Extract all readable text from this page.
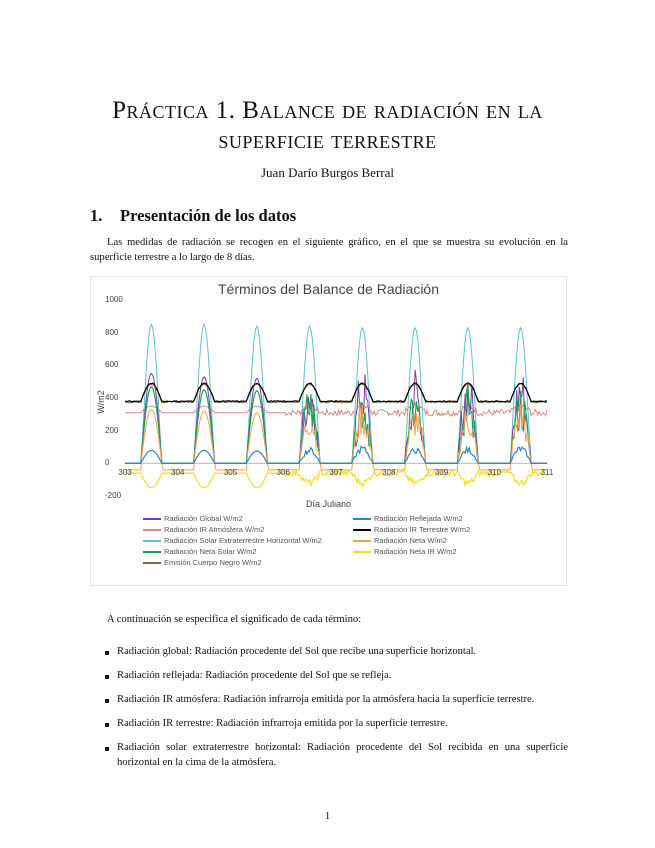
Práctica 1. Balance de radiación en la
superficie terrestre
Juan Darío Burgos Berral
1. Presentación de los datos
Las medidas de radiación se recogen en el siguiente gráfico, en el que se muestra su evolución en la superficie terrestre a lo largo de 8 días.
Términos del Balance de Radiación
W/m2
Día Juliano
1000
800
600
400
200
0
-200
303	304	305	306	307	308	309	310	311
Radiación Global W/m2	Radiación Reflejada W/m2
Radiación IR Atmósfera W/m2	Radiación IR Terrestre W/m2
Radiación Solar Extraterrestre Horizontal W/m2	Radiación Neta W/m2
Radiación Neta Solar W/m2	Radiación Neta IR W/m2
Emisión Cuerpo Negro W/m2
A continuación se especifica el significado de cada término:
Radiación global: Radiación procedente del Sol que recibe una superficie horizontal.
Radiación reflejada: Radiación procedente del Sol que se refleja.
Radiación IR atmósfera: Radiación infrarroja emitida por la atmósfera hacia la superficie terrestre.
Radiación IR terrestre: Radiación infrarroja emitida por la superficie terrestre.
Radiación solar extraterrestre horizontal: Radiación procedente del Sol recibida en una superficie horizontal en la cima de la atmósfera.
1
